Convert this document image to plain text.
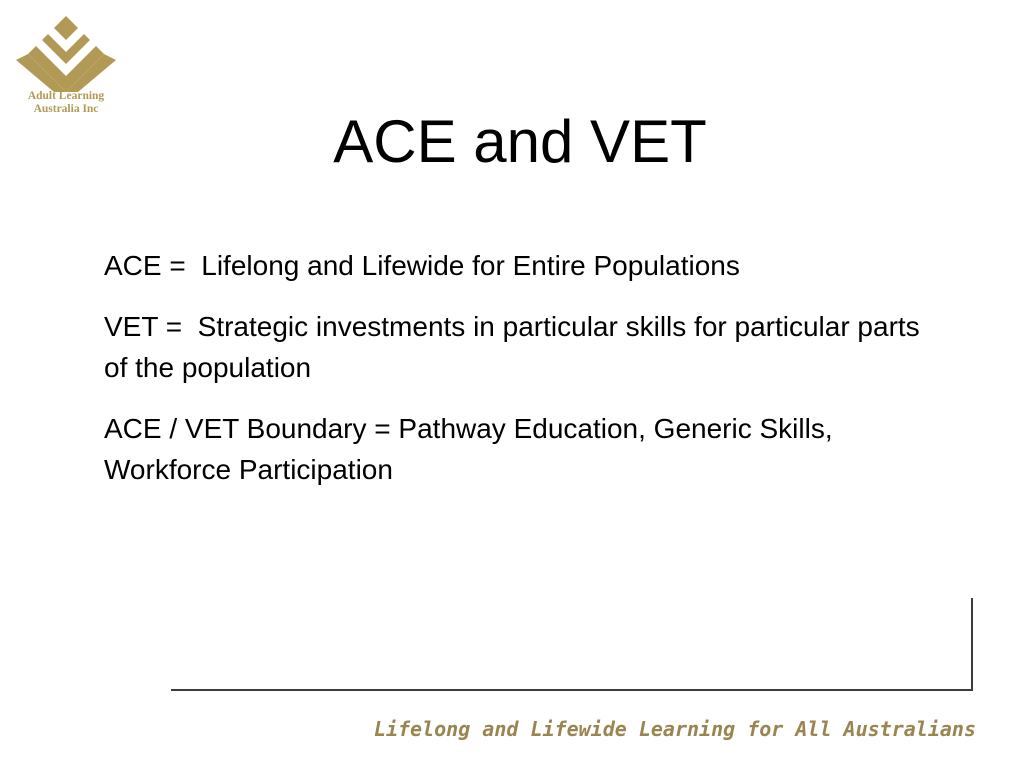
Adult Learning
Australia Inc	ACE and VET

ACE =  Lifelong and Lifewide for Entire Populations

VET =  Strategic investments in particular skills for particular parts of the population

ACE / VET Boundary = Pathway Education, Generic Skills, Workforce Participation

Lifelong and Lifewide Learning for All Australians
